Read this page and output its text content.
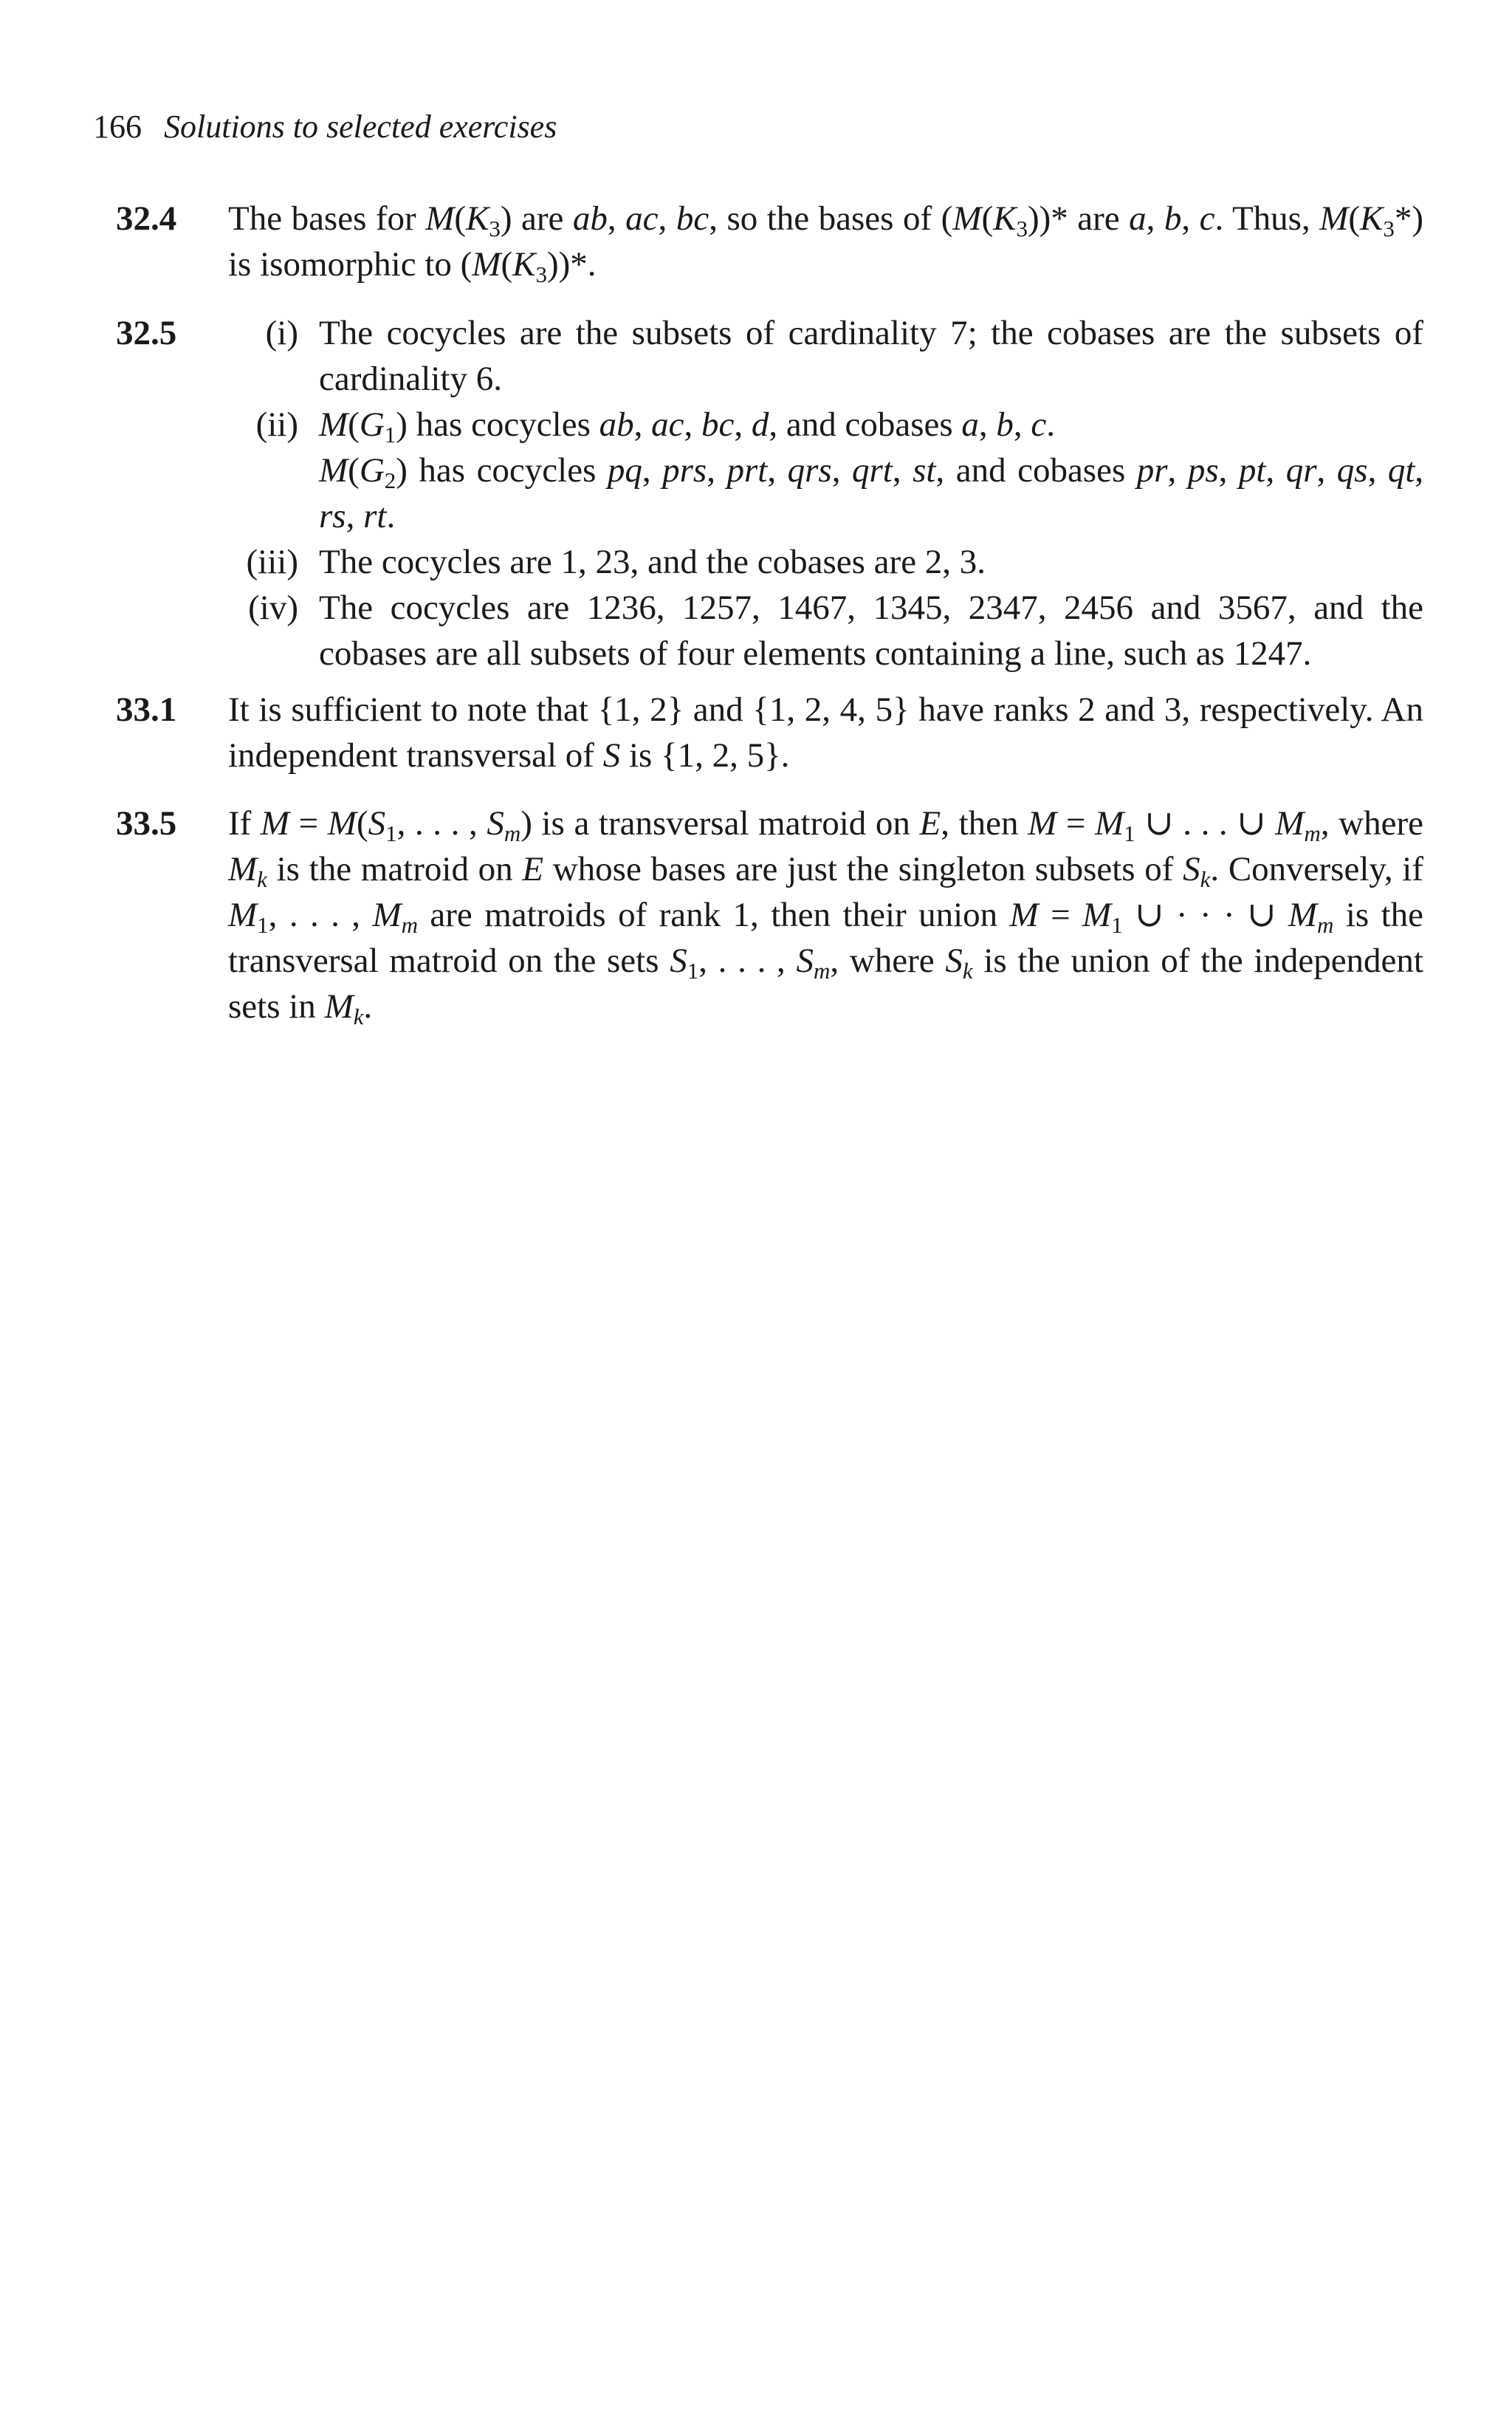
166 Solutions to selected exercises
32.4 The bases for $M(K_3)$ are ab, ac, bc, so the bases of $(M(K_3))*$ are a, b, c. Thus, $M(K_3*)$ is isomorphic to $(M(K_3))*$.
32.5	(i) The cocycles are the subsets of cardinality 7; the cobases are the subsets of cardinality 6.
(ii) $M(G_1)$ has cocycles ab, ac, bc, d, and cobases a, b, c.
$M(G_2)$ has cocycles pq, prs, prt, qrs, qrt, st, and cobases pr, ps, pt, qr, qs, qt, rs, rt.
(iii) The cocycles are 1, 23, and the cobases are 2, 3.
(iv) The cocycles are 1236, 1257, 1467, 1345, 2347, 2456 and 3567, and the cobases are all subsets of four elements containing a line, such as 1247.
33.1 It is sufficient to note that {1, 2} and {1, 2, 4, 5} have ranks 2 and 3, respectively. An independent transversal of S is {1, 2, 5}.
33.5 If $M = M(S_1$, . . . , $S_m$) is a transversal matroid on E, then $M = M_1$ ∪ . . . ∪ $M_m$, where $M_k$ is the matroid on E whose bases are just the singleton subsets of $S_k$. Conversely, if $M_1$, . . . , $M_m$ are matroids of rank 1, then their union $M = M_1$ ∪ · · · ∪ $M_m$ is the transversal matroid on the sets $S_1$, . . . , $S_m$, where $S_k$ is the union of the independent sets in $M_k$.
